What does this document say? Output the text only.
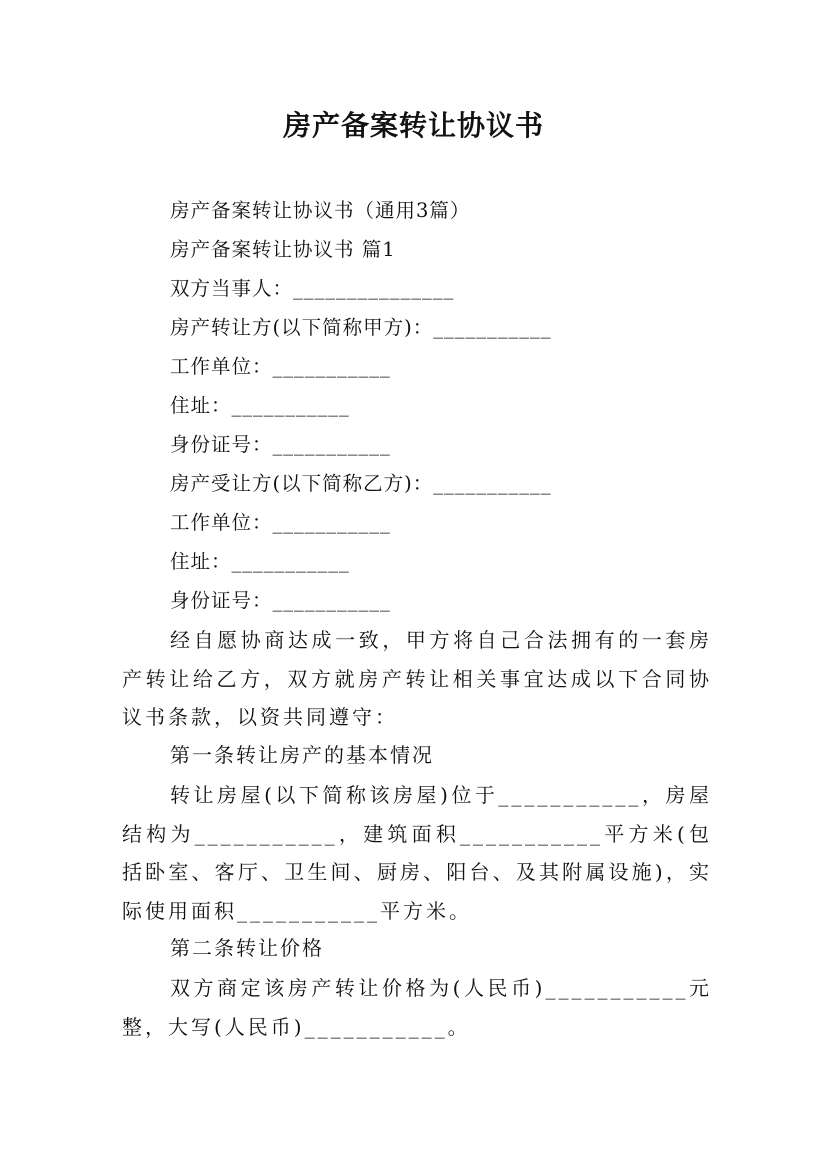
房产备案转让协议书
房产备案转让协议书（通用3篇）
房产备案转让协议书 篇1
双方当事人：_______________
房产转让方(以下简称甲方)：___________
工作单位：___________
住址：___________
身份证号：___________
房产受让方(以下简称乙方)：___________
工作单位：___________
住址：___________
身份证号：___________
经自愿协商达成一致，甲方将自己合法拥有的一套房产转让给乙方，双方就房产转让相关事宜达成以下合同协议书条款，以资共同遵守：
第一条转让房产的基本情况
转让房屋(以下简称该房屋)位于___________，房屋结构为___________，建筑面积___________平方米(包括卧室、客厅、卫生间、厨房、阳台、及其附属设施)，实际使用面积___________平方米。
第二条转让价格
双方商定该房产转让价格为(人民币)___________元整，大写(人民币)___________。
